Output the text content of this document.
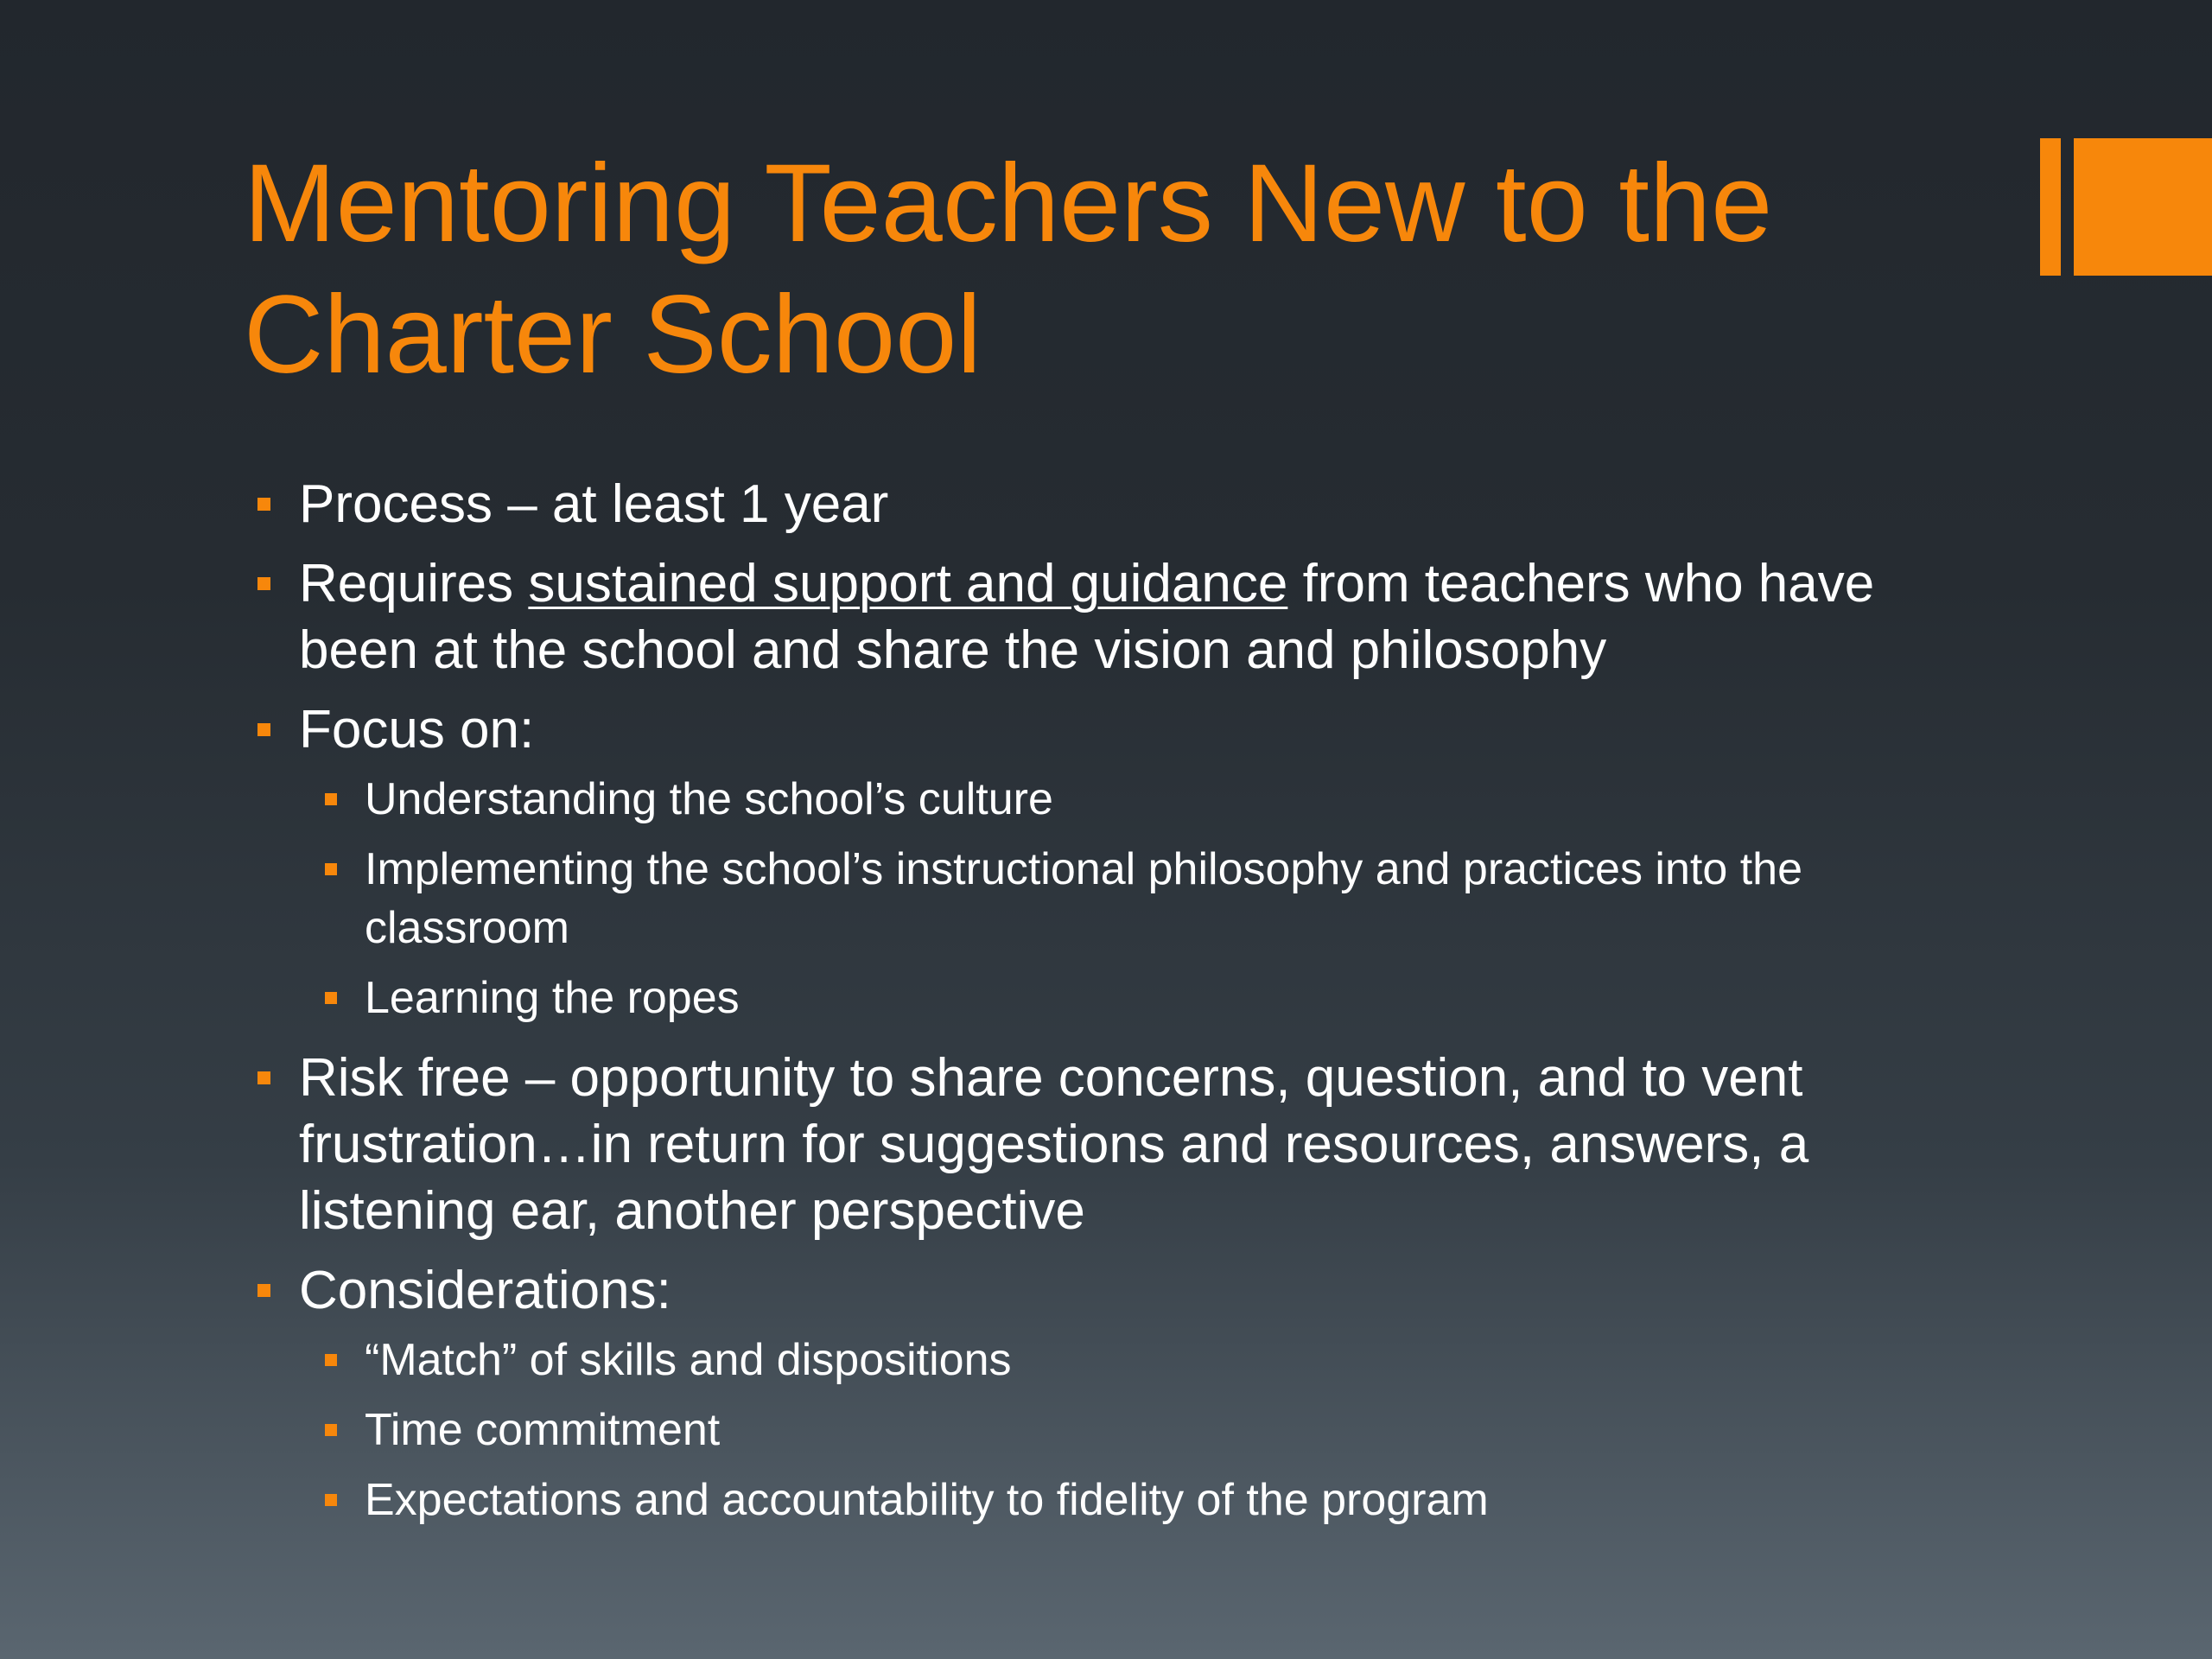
Mentoring Teachers New to the
Charter School

Process – at least 1 year

Requires sustained support and guidance from teachers who have been at the school and share the vision and philosophy

Focus on:

Understanding the school’s culture

Implementing the school’s instructional philosophy and practices into the classroom

Learning the ropes

Risk free – opportunity to share concerns, question, and to vent frustration…in return for suggestions and resources, answers, a listening ear, another perspective

Considerations:

“Match” of skills and dispositions

Time commitment

Expectations and accountability to fidelity of the program
